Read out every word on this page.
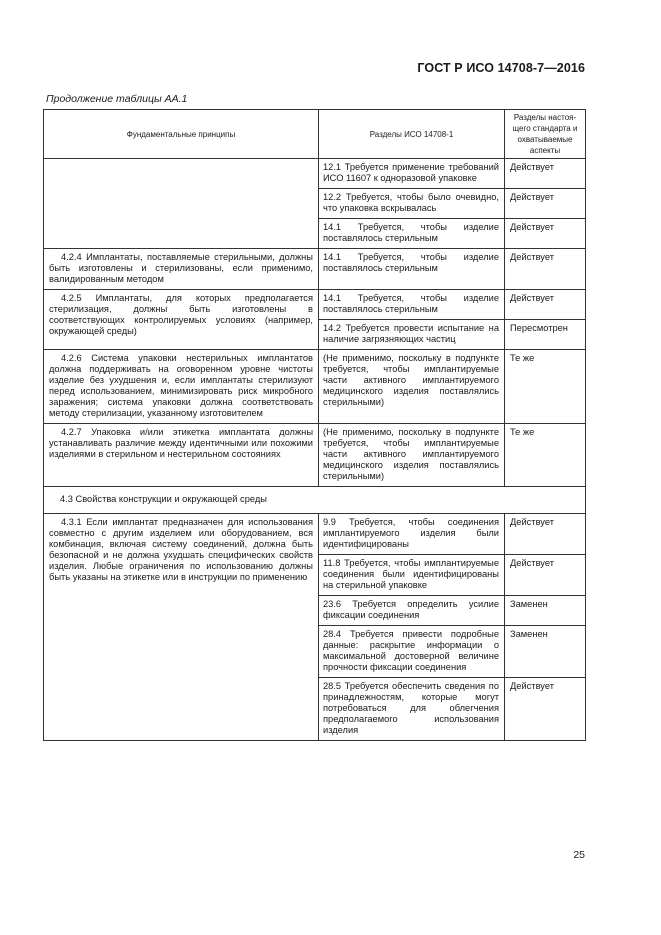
ГОСТ Р ИСО 14708-7—2016
Продолжение таблицы АА.1
Фундаментальные принципы	Разделы ИСО 14708-1	Разделы настоя-щего стандарта и охватываемые аспекты
	12.1 Требуется применение требований ИСО 11607 к одноразовой упаковке	Действует
	12.2 Требуется, чтобы было очевидно, что упаковка вскрывалась	Действует
	14.1 Требуется, чтобы изделие поставлялось стерильным	Действует
4.2.4 Имплантаты, поставляемые стерильными, должны быть изготовлены и стерилизованы, если применимо, валидированным методом	14.1 Требуется, чтобы изделие поставлялось стерильным	Действует
4.2.5 Имплантаты, для которых предполагается стерилизация, должны быть изготовлены в соответствующих контролируемых условиях (например, окружающей среды)	14.1 Требуется, чтобы изделие поставлялось стерильным	Действует
	14.2 Требуется провести испытание на наличие загрязняющих частиц	Пересмотрен
4.2.6 Система упаковки нестерильных имплантатов должна поддерживать на оговоренном уровне чистоты изделие без ухудшения и, если имплантаты стерилизуют перед использованием, минимизировать риск микробного заражения; система упаковки должна соответствовать методу стерилизации, указанному изготовителем	(Не применимо, поскольку в подпункте требуется, чтобы имплантируемые части активного имплантируемого медицинского изделия поставлялись стерильными)	Те же
4.2.7 Упаковка и/или этикетка имплантата должны устанавливать различие между идентичными или похожими изделиями в стерильном и нестерильном состояниях	(Не применимо, поскольку в подпункте требуется, чтобы имплантируемые части активного имплантируемого медицинского изделия поставлялись стерильными)	Те же
4.3 Свойства конструкции и окружающей среды		
4.3.1 Если имплантат предназначен для использования совместно с другим изделием или оборудованием, вся комбинация, включая систему соединений, должна быть безопасной и не должна ухудшать специфических свойств изделия. Любые ограничения по использованию должны быть указаны на этикетке или в инструкции по применению	9.9 Требуется, чтобы соединения имплантируемого изделия были идентифицированы	Действует
	11.8 Требуется, чтобы имплантируемые соединения были идентифицированы на стерильной упаковке	Действует
	23.6 Требуется определить усилие фиксации соединения	Заменен
	28.4 Требуется привести подробные данные: раскрытие информации о максимальной достоверной величине прочности фиксации соединения	Заменен
	28.5 Требуется обеспечить сведения по принадлежностям, которые могут потребоваться для облегчения предполагаемого использования изделия	Действует
25
